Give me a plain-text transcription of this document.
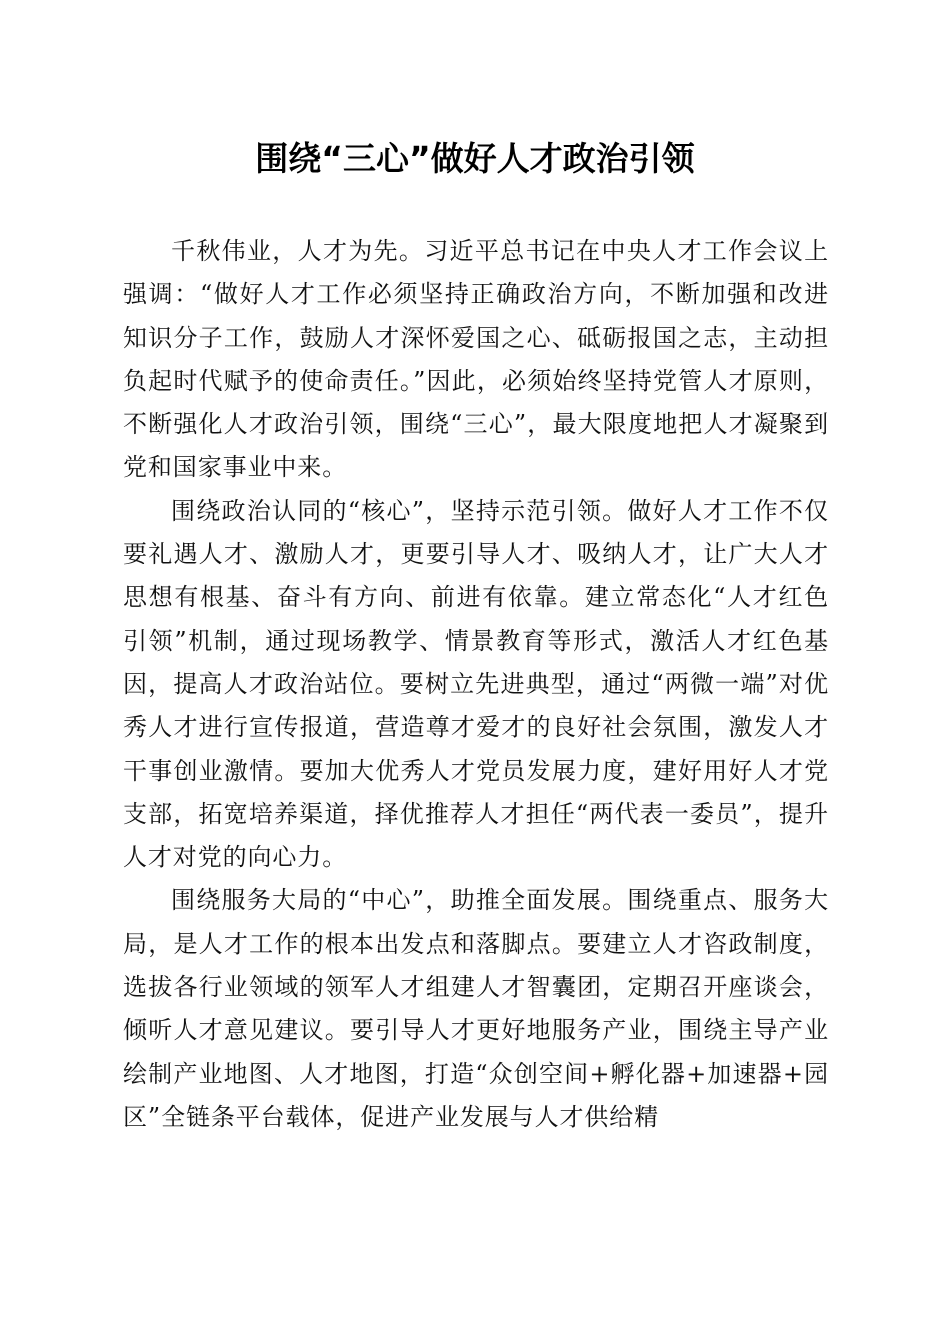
围绕“三心”做好人才政治引领

千秋伟业，人才为先。习近平总书记在中央人才工作会议上强调：“做好人才工作必须坚持正确政治方向，不断加强和改进知识分子工作，鼓励人才深怀爱国之心、砥砺报国之志，主动担负起时代赋予的使命责任。”因此，必须始终坚持党管人才原则，不断强化人才政治引领，围绕“三心”，最大限度地把人才凝聚到党和国家事业中来。

围绕政治认同的“核心”，坚持示范引领。做好人才工作不仅要礼遇人才、激励人才，更要引导人才、吸纳人才，让广大人才思想有根基、奋斗有方向、前进有依靠。建立常态化“人才红色引领”机制，通过现场教学、情景教育等形式，激活人才红色基因，提高人才政治站位。要树立先进典型，通过“两微一端”对优秀人才进行宣传报道，营造尊才爱才的良好社会氛围，激发人才干事创业激情。要加大优秀人才党员发展力度，建好用好人才党支部，拓宽培养渠道，择优推荐人才担任“两代表一委员”，提升人才对党的向心力。

围绕服务大局的“中心”，助推全面发展。围绕重点、服务大局，是人才工作的根本出发点和落脚点。要建立人才咨政制度，选拔各行业领域的领军人才组建人才智囊团，定期召开座谈会，倾听人才意见建议。要引导人才更好地服务产业，围绕主导产业绘制产业地图、人才地图，打造“众创空间+孵化器+加速器+园区”全链条平台载体，促进产业发展与人才供给精
